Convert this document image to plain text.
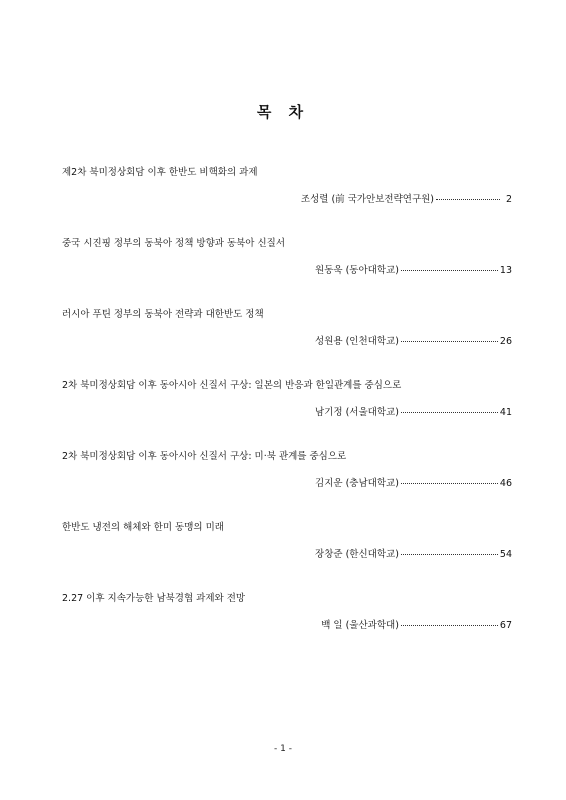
목 차
제2차 북미정상회담 이후 한반도 비핵화의 과제
조성렬 (前 국가안보전략연구원)	2
중국 시진핑 정부의 동북아 정책 방향과 동북아 신질서
원동욱 (동아대학교)	13
러시아 푸틴 정부의 동북아 전략과 대한반도 정책
성원용 (인천대학교)	26
2차 북미정상회담 이후 동아시아 신질서 구상: 일본의 반응과 한일관계를 중심으로
남기정 (서울대학교)	41
2차 북미정상회담 이후 동아시아 신질서 구상: 미·북 관계를 중심으로
김지운 (충남대학교)	46
한반도 냉전의 해체와 한미 동맹의 미래
장창준 (한신대학교)	54
2.27 이후 지속가능한 남북경협 과제와 전망
백 일 (울산과학대)	67
- 1 -
